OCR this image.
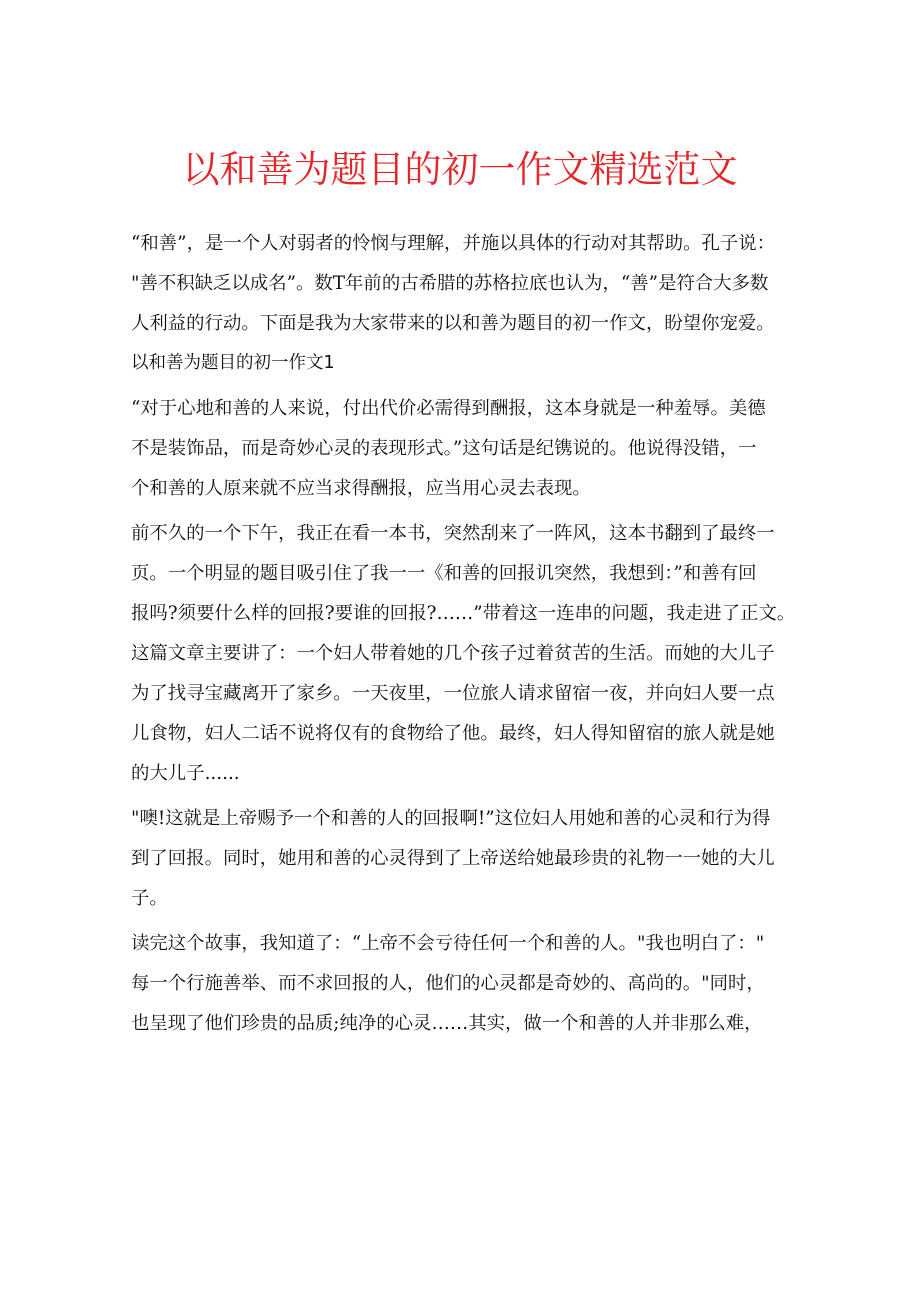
以和善为题目的初一作文精选范文
“和善”，是一个人对弱者的怜悯与理解，并施以具体的行动对其帮助。孔子说：
"善不积缺乏以成名”。数T年前的古希腊的苏格拉底也认为，“善”是符合大多数
人利益的行动。下面是我为大家带来的以和善为题目的初一作文，盼望你宠爱。
以和善为题目的初一作文1
“对于心地和善的人来说，付出代价必需得到酬报，这本身就是一种羞辱。美德
不是装饰品，而是奇妙心灵的表现形式。”这句话是纪镌说的。他说得没错，一
个和善的人原来就不应当求得酬报，应当用心灵去表现。
前不久的一个下午，我正在看一本书，突然刮来了一阵风，这本书翻到了最终一
页。一个明显的题目吸引住了我一一《和善的回报讥突然，我想到：”和善有回
报吗?须要什么样的回报?要谁的回报?……”带着这一连串的问题，我走进了正文。
这篇文章主要讲了：一个妇人带着她的几个孩子过着贫苦的生活。而她的大儿子
为了找寻宝藏离开了家乡。一天夜里，一位旅人请求留宿一夜，并向妇人要一点
儿食物，妇人二话不说将仅有的食物给了他。最终，妇人得知留宿的旅人就是她
的大儿子......
"噢!这就是上帝赐予一个和善的人的回报啊!”这位妇人用她和善的心灵和行为得
到了回报。同时，她用和善的心灵得到了上帝送给她最珍贵的礼物一一她的大儿
子。
读完这个故事，我知道了：“上帝不会亏待任何一个和善的人。"我也明白了："
每一个行施善举、而不求回报的人，他们的心灵都是奇妙的、高尚的。"同时，
也呈现了他们珍贵的品质;纯净的心灵……其实，做一个和善的人并非那么难，
